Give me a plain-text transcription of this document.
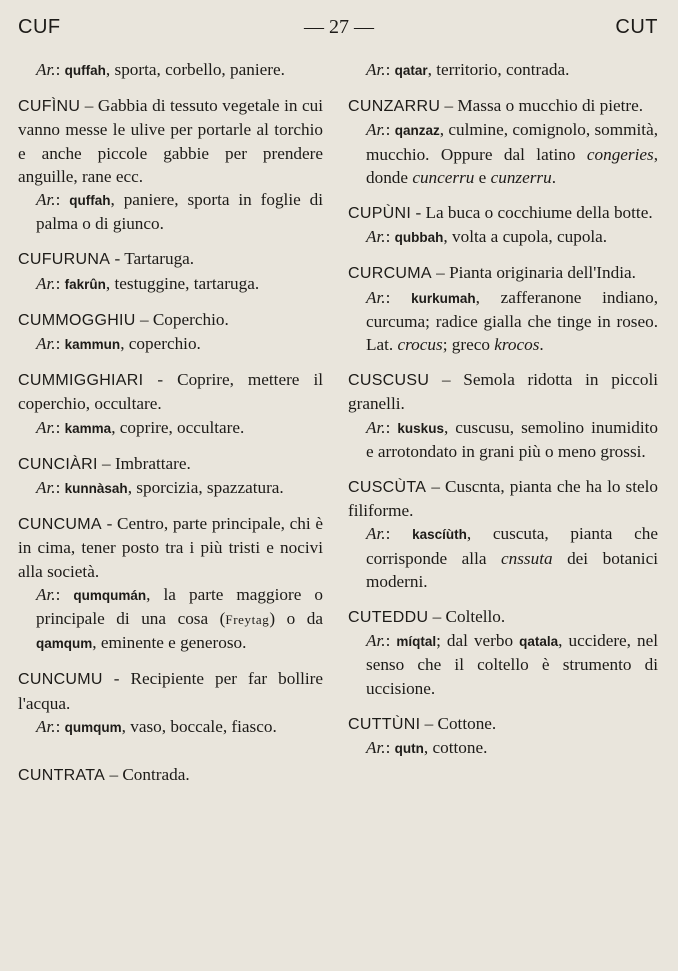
CUF	— 27 —	CUT

Ar.: quffah, sporta, corbello, paniere.

CUFÌNU – Gabbia di tessuto vegetale in cui vanno messe le ulive per portarle al torchio e anche piccole gabbie per prendere anguille, rane ecc.

Ar.: quffah, paniere, sporta in foglie di palma o di giunco.

CUFURUNA - Tartaruga.

Ar.: fakrûn, testuggine, tartaruga.

CUMMOGGHIU – Coperchio.

Ar.: kammun, coperchio.

CUMMIGGHIARI - Coprire, mettere il coperchio, occultare.

Ar.: kamma, coprire, occultare.

CUNCIÀRI – Imbrattare.

Ar.: kunnàsah, sporcizia, spazzatura.

CUNCUMA - Centro, parte principale, chi è in cima, tener posto tra i più tristi e nocivi alla società.

Ar.: qumqumán, la parte maggiore o principale di una cosa (Freytag) o da qamqum, eminente e generoso.

CUNCUMU - Recipiente per far bollire l'acqua.

Ar.: qumqum, vaso, boccale, fiasco.

CUNTRATA – Contrada.

Ar.: qatar, territorio, contrada.

CUNZARRU – Massa o mucchio di pietre.

Ar.: qanzaz, culmine, comignolo, sommità, mucchio. Oppure dal latino congeries, donde cuncerru e cunzerru.

CUPÙNI - La buca o cocchiume della botte.

Ar.: qubbah, volta a cupola, cupola.

CURCUMA – Pianta originaria dell'India.

Ar.: kurkumah, zafferanone indiano, curcuma; radice gialla che tinge in roseo. Lat. crocus; greco krocos.

CUSCUSU – Semola ridotta in piccoli granelli.

Ar.: kuskus, cuscusu, semolino inumidito e arrotondato in grani più o meno grossi.

CUSCÙTA – Cuscnta, pianta che ha lo stelo filiforme.

Ar.: kascíùth, cuscuta, pianta che corrisponde alla cnssuta dei botanici moderni.

CUTEDDU – Coltello.

Ar.: míqtal; dal verbo qatala, uccidere, nel senso che il coltello è strumento di uccisione.

CUTTÙNI – Cottone.

Ar.: qutn, cottone.
